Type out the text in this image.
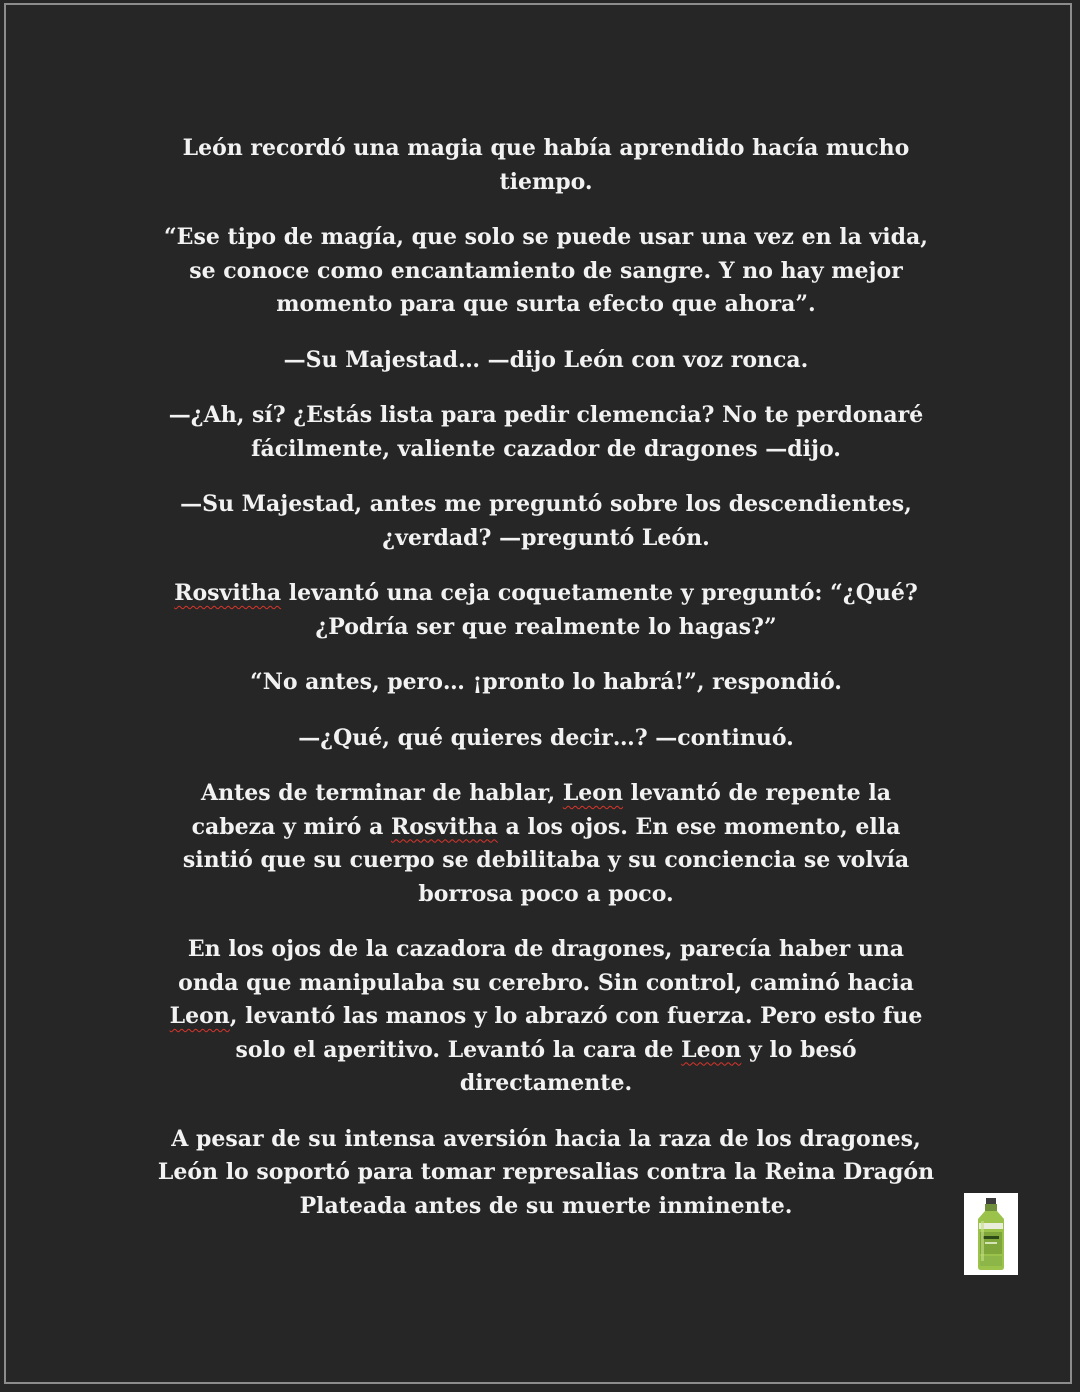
León recordó una magia que había aprendido hacía mucho tiempo.

“Ese tipo de magía, que solo se puede usar una vez en la vida, se conoce como encantamiento de sangre. Y no hay mejor momento para que surta efecto que ahora”.

—Su Majestad… —dijo León con voz ronca.

—¿Ah, sí? ¿Estás lista para pedir clemencia? No te perdonaré fácilmente, valiente cazador de dragones —dijo.

—Su Majestad, antes me preguntó sobre los descendientes, ¿verdad? —preguntó León.

Rosvitha levantó una ceja coquetamente y preguntó: “¿Qué? ¿Podría ser que realmente lo hagas?”

“No antes, pero… ¡pronto lo habrá!”, respondió.

—¿Qué, qué quieres decir…? —continuó.

Antes de terminar de hablar, Leon levantó de repente la cabeza y miró a Rosvitha a los ojos. En ese momento, ella sintió que su cuerpo se debilitaba y su conciencia se volvía borrosa poco a poco.

En los ojos de la cazadora de dragones, parecía haber una onda que manipulaba su cerebro. Sin control, caminó hacia Leon, levantó las manos y lo abrazó con fuerza. Pero esto fue solo el aperitivo. Levantó la cara de Leon y lo besó directamente.

A pesar de su intensa aversión hacia la raza de los dragones, León lo soportó para tomar represalias contra la Reina Dragón Plateada antes de su muerte inminente.
